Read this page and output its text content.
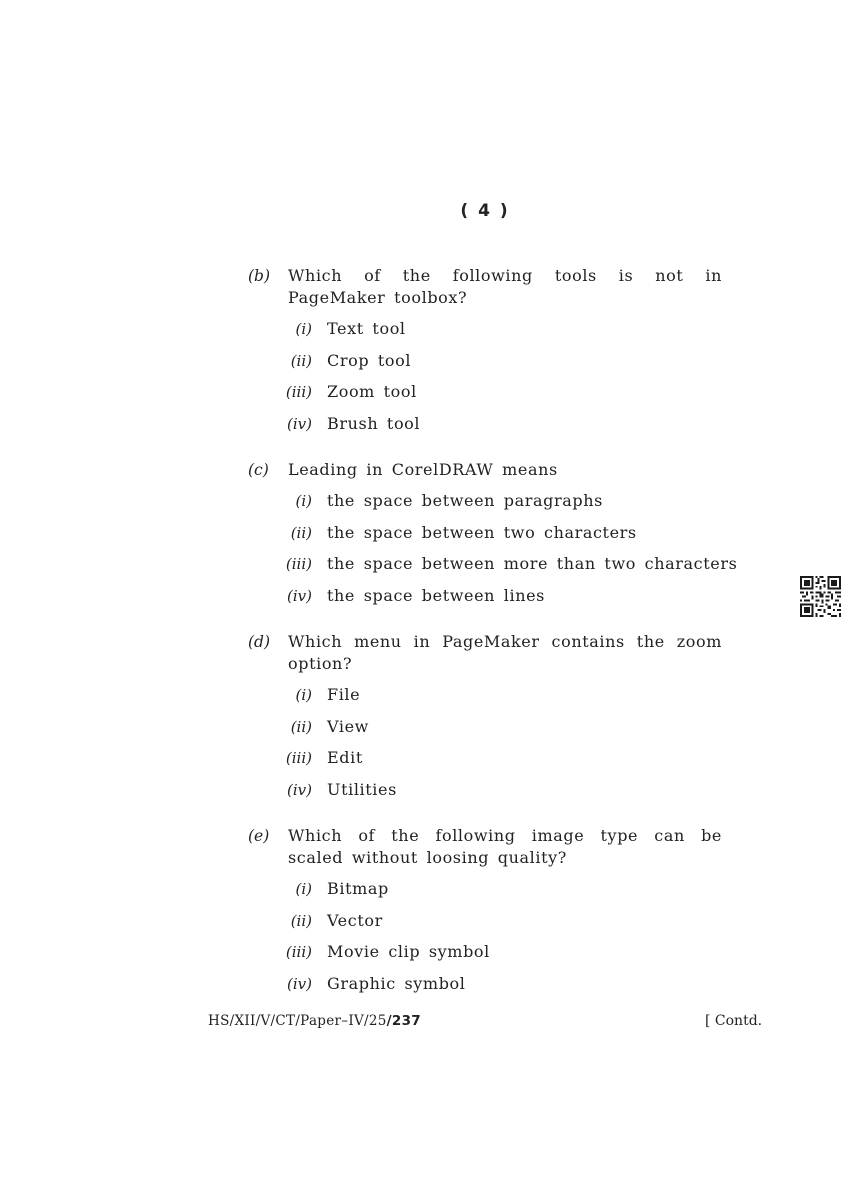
( 4 )
(b) Which of the following tools is not in PageMaker toolbox?
(i) Text tool
(ii) Crop tool
(iii) Zoom tool
(iv) Brush tool
(c) Leading in CorelDRAW means
(i) the space between paragraphs
(ii) the space between two characters
(iii) the space between more than two characters
(iv) the space between lines
(d) Which menu in PageMaker contains the zoom option?
(i) File
(ii) View
(iii) Edit
(iv) Utilities
(e) Which of the following image type can be scaled without loosing quality?
(i) Bitmap
(ii) Vector
(iii) Movie clip symbol
(iv) Graphic symbol
HS/XII/V/CT/Paper–IV/25/237	[ Contd.
